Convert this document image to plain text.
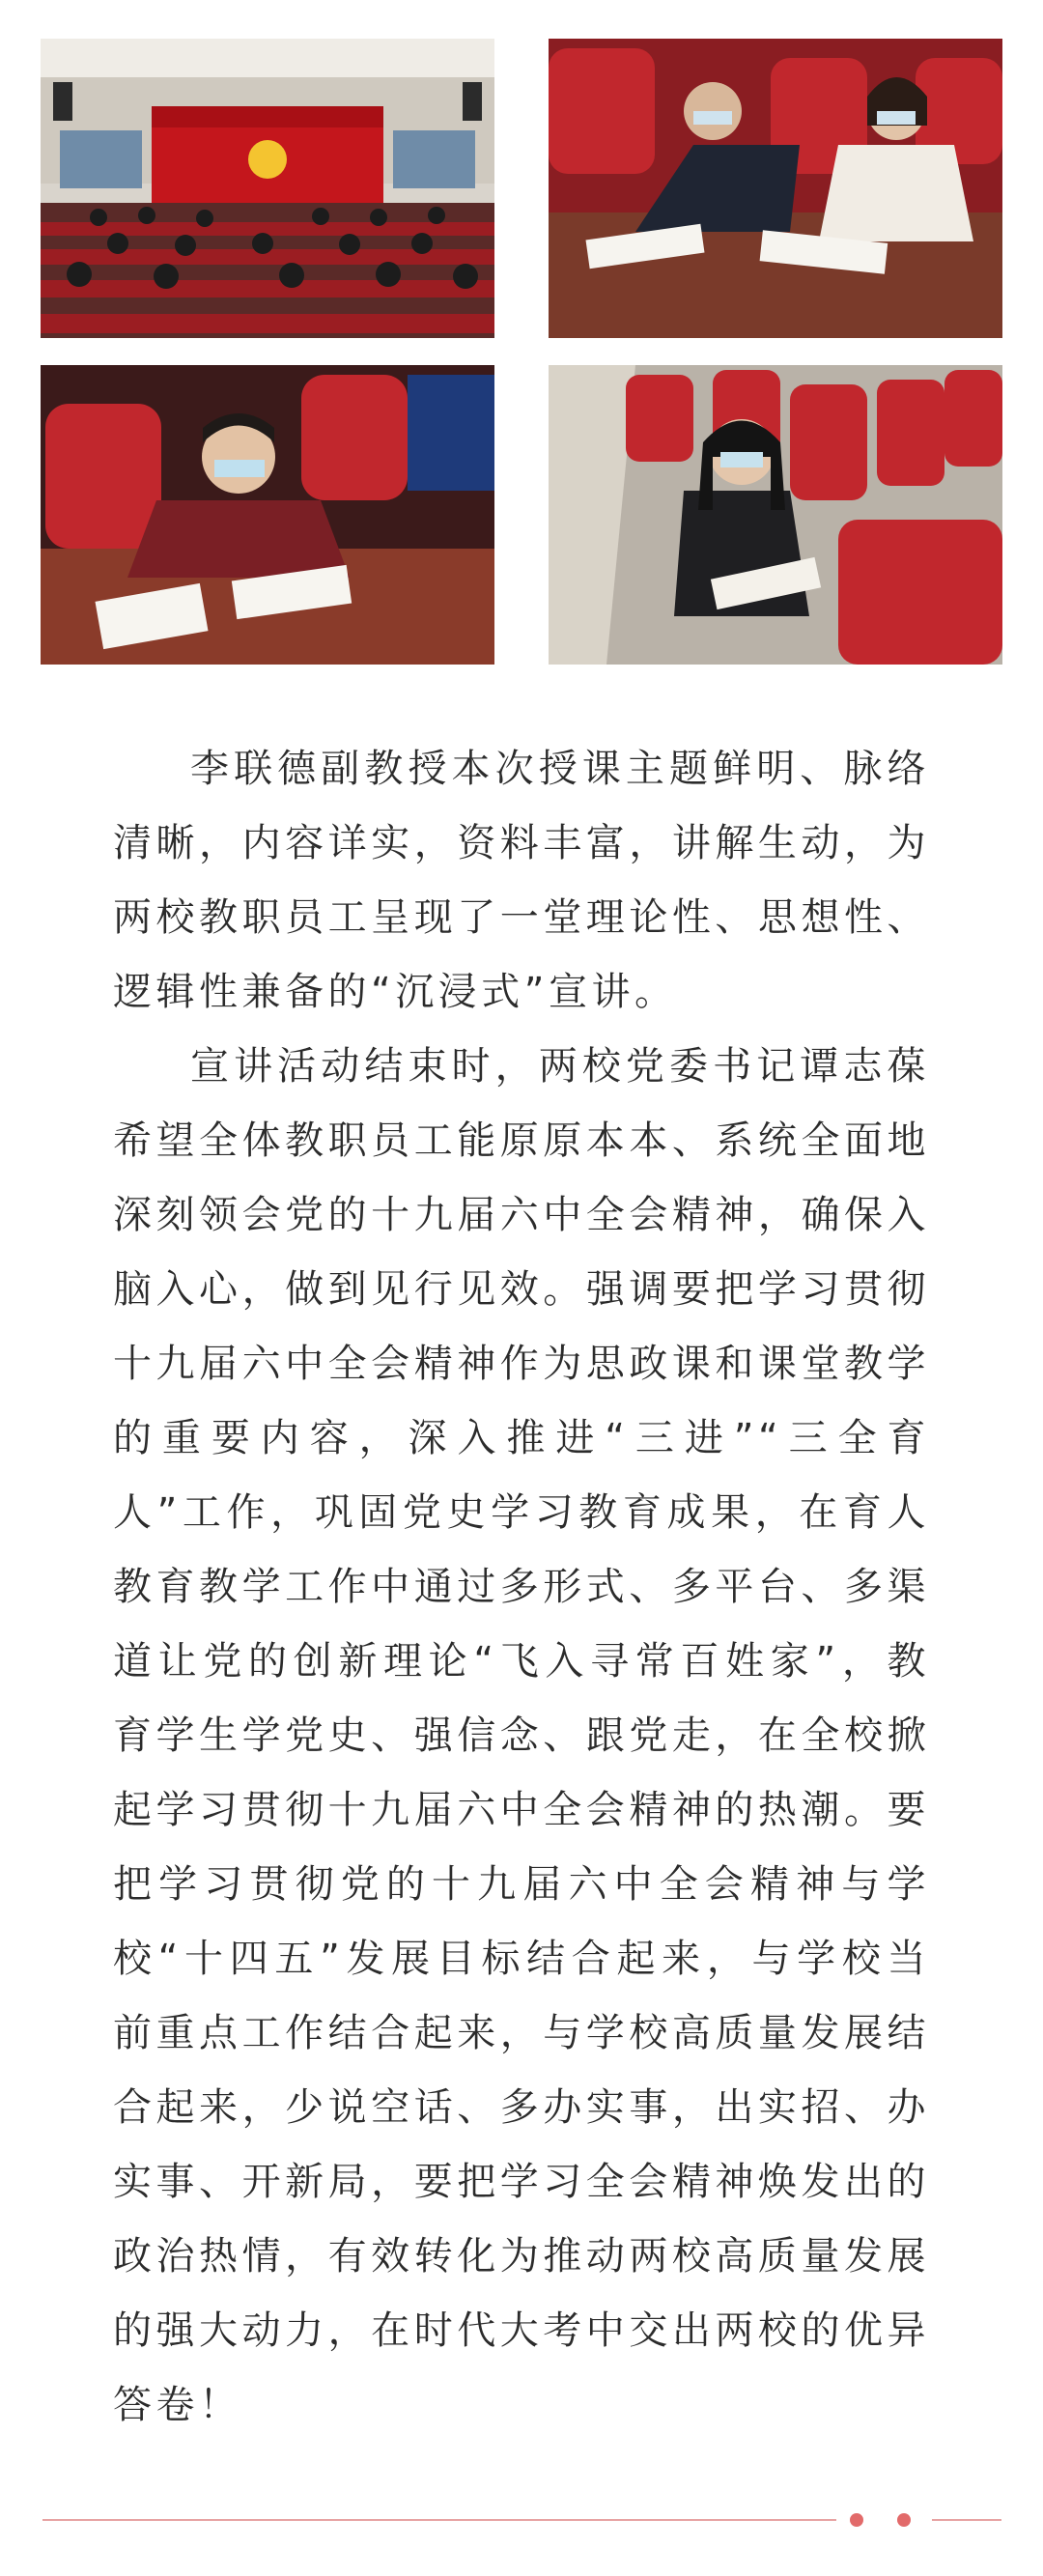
李联德副教授本次授课主题鲜明、脉络清晰，内容详实，资料丰富，讲解生动，为两校教职员工呈现了一堂理论性、思想性、逻辑性兼备的“沉浸式”宣讲。

宣讲活动结束时，两校党委书记谭志葆希望全体教职员工能原原本本、系统全面地深刻领会党的十九届六中全会精神，确保入脑入心，做到见行见效。强调要把学习贯彻十九届六中全会精神作为思政课和课堂教学的重要内容，深入推进“三进”“三全育人”工作，巩固党史学习教育成果，在育人教育教学工作中通过多形式、多平台、多渠道让党的创新理论“飞入寻常百姓家”，教育学生学党史、强信念、跟党走，在全校掀起学习贯彻十九届六中全会精神的热潮。要把学习贯彻党的十九届六中全会精神与学校“十四五”发展目标结合起来，与学校当前重点工作结合起来，与学校高质量发展结合起来，少说空话、多办实事，出实招、办实事、开新局，要把学习全会精神焕发出的政治热情，有效转化为推动两校高质量发展的强大动力，在时代大考中交出两校的优异答卷！
